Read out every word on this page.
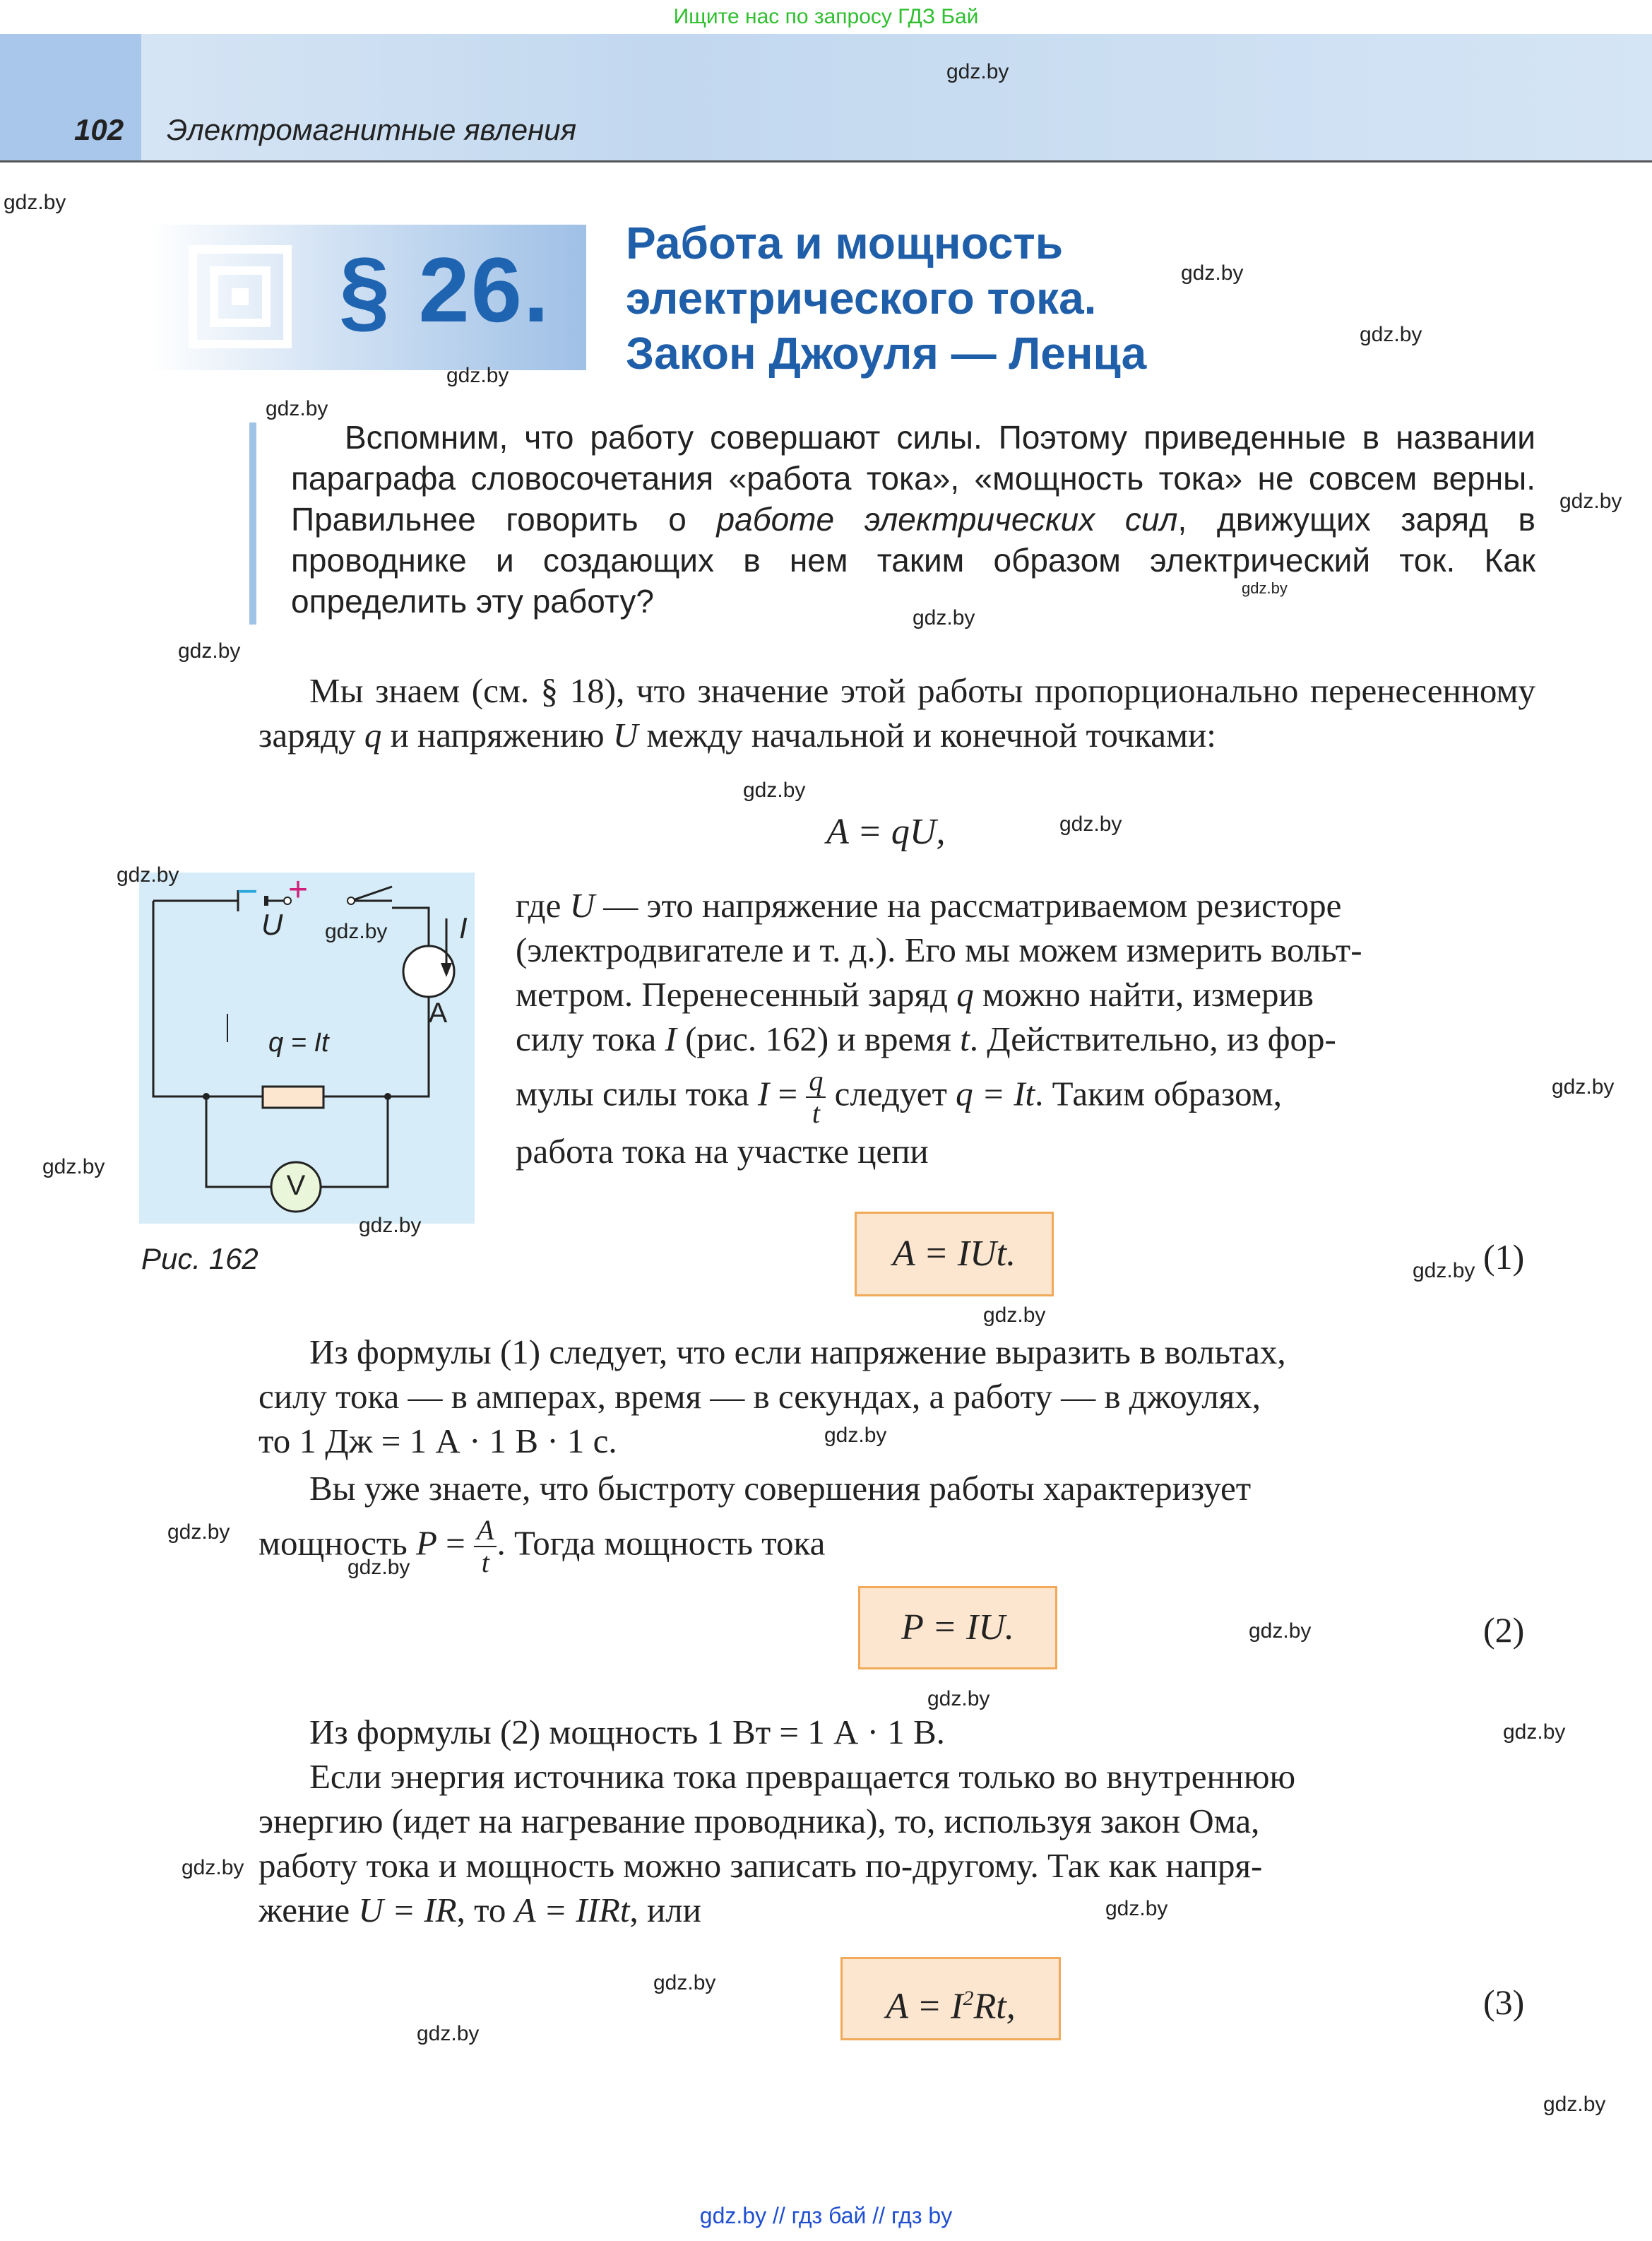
Ищите нас по запросу ГДЗ Бай
102 Электромагнитные явления
§ 26. Работа и мощность
электрического тока.
Закон Джоуля — Ленца
Вспомним, что работу совершают силы. Поэтому приведенные в названии параграфа словосочетания «работа тока», «мощность тока» не совсем верны. Правильнее говорить о работе электрических сил, движущих заряд в проводнике и создающих в нем таким образом электрический ток. Как определить эту работу?
Мы знаем (см. § 18), что значение этой работы пропорционально перенесенному заряду q и напряжению U между начальной и конечной точками:
A = qU,
− +
U	I
A
V
q = It
Рис. 162
где U — это напряжение на рассматриваемом резисторе
(электродвигателе и т. д.). Его мы можем измерить вольт-
метром. Перенесенный заряд q можно найти, измерив
силу тока I (рис. 162) и время t. Действительно, из фор-
мулы силы тока $I = \frac{q}{t}$ следует q = It. Таким образом,
работа тока на участке цепи
A = IUt.	(1)
Из формулы (1) следует, что если напряжение выразить в вольтах,
силу тока — в амперах, время — в секундах, а работу — в джоулях,
то 1 Дж = 1 А · 1 В · 1 с.
Вы уже знаете, что быстроту совершения работы характеризует
мощность $P = \frac{A}{t}$ . Тогда мощность тока
P = IU.	(2)
Из формулы (2) мощность 1 Вт = 1 А · 1 В.
Если энергия источника тока превращается только во внутреннюю
энергию (идет на нагревание проводника), то, используя закон Ома,
работу тока и мощность можно записать по-другому. Так как напря-
жение U = IR, то A = IIRt, или
$A = I^2Rt$,	(3)
gdz.by
gdz.by
gdz.by
gdz.by
gdz.by
gdz.by
gdz.by
gdz.by
gdz.by
gdz.by
gdz.by
gdz.by
gdz.by
gdz.by
gdz.by
gdz.by
gdz.by
gdz.by
gdz.by
gdz.by
gdz.by
gdz.by
gdz.by
gdz.by
gdz.by
gdz.by
gdz.by
gdz.by
gdz.by
gdz.by
gdz.by // гдз бай // гдз by
